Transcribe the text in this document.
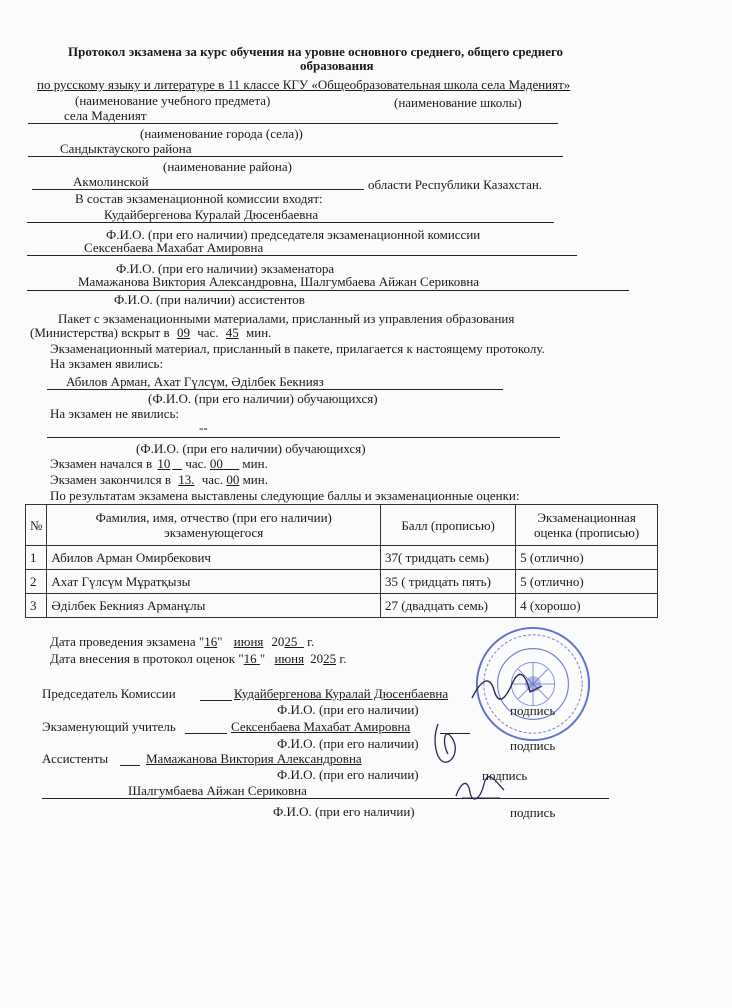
Протокол экзамена за курс обучения на уровне основного среднего, общего среднего
образования
по русскому языку и литературе в 11 классе КГУ «Общеобразовательная школа села Маденият»
(наименование учебного предмета)	(наименование школы)
села Маденият
(наименование города (села))
Сандыктауского района
(наименование района)
Акмолинской	области Республики Казахстан.
В состав экзаменационной комиссии входят:
Кудайбергенова Куралай Дюсенбаевна
Ф.И.О. (при его наличии) председателя экзаменационной комиссии
Сексенбаева Махабат Амировна
Ф.И.О. (при его наличии) экзаменатора
Мамажанова Виктория Александровна, Шалгумбаева Айжан Сериковна
Ф.И.О. (при наличии) ассистентов
Пакет с экзаменационными материалами, присланный из управления образования
(Министерства) вскрыт в 09 час. 45 мин.
Экзаменационный материал, присланный в пакете, прилагается к настоящему протоколу.
На экзамен явились:
Абилов Арман, Ахат Гүлсүм, Әділбек Бекнияз
(Ф.И.О. (при его наличии) обучающихся)
На экзамен не явились:
--
(Ф.И.О. (при его наличии) обучающихся)
Экзамен начался в 10 час. 00 мин.
Экзамен закончился в 13. час. 00 мин.
По результатам экзамена выставлены следующие баллы и экзаменационные оценки:
№	Фамилия, имя, отчество (при его наличии) экзаменующегося	Балл (прописью)	Экзаменационная оценка (прописью)
1	Абилов Арман Омирбекович	37( тридцать семь)	5 (отлично)
2	Ахат Гүлсүм Мұратқызы	35 ( тридцать пять)	5 (отлично)
3	Әділбек Бекнияз Арманұлы	27 (двадцать семь)	4 (хорошо)
Дата проведения экзамена "16" июня 2025 г.
Дата внесения в протокол оценок "16 " июня 2025 г.
Председатель Комиссии	Кудайбергенова Куралай Дюсенбаевна
Ф.И.О. (при его наличии)	подпись
Экзаменующий учитель	Сексенбаева Махабат Амировна
Ф.И.О. (при его наличии)	подпись
Ассистенты	Мамажанова Виктория Александровна
Ф.И.О. (при его наличии)	подпись
Шалгумбаева Айжан Сериковна
Ф.И.О. (при его наличии)	подпись
